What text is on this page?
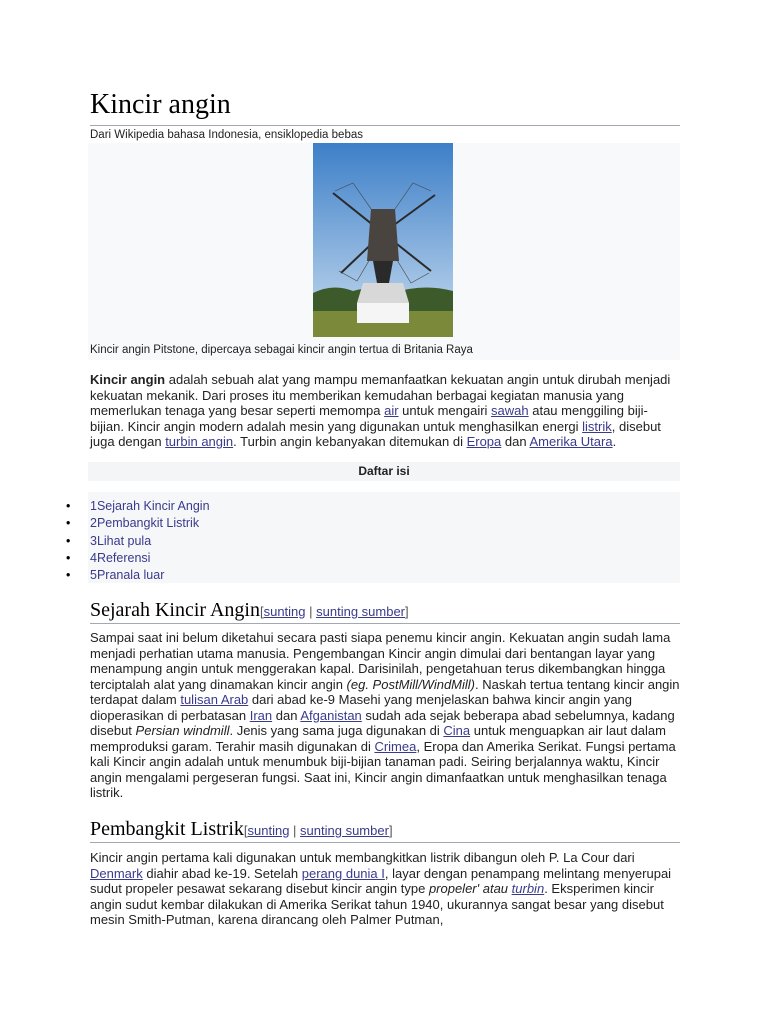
Kincir angin
Dari Wikipedia bahasa Indonesia, ensiklopedia bebas
Kincir angin Pitstone, dipercaya sebagai kincir angin tertua di Britania Raya
Kincir angin adalah sebuah alat yang mampu memanfaatkan kekuatan angin untuk dirubah menjadi kekuatan mekanik. Dari proses itu memberikan kemudahan berbagai kegiatan manusia yang memerlukan tenaga yang besar seperti memompa air untuk mengairi sawah atau menggiling biji-bijian. Kincir angin modern adalah mesin yang digunakan untuk menghasilkan energi listrik, disebut juga dengan turbin angin. Turbin angin kebanyakan ditemukan di Eropa dan Amerika Utara.
Daftar isi
• 1Sejarah Kincir Angin
• 2Pembangkit Listrik
• 3Lihat pula
• 4Referensi
• 5Pranala luar
Sejarah Kincir Angin[sunting | sunting sumber]
Sampai saat ini belum diketahui secara pasti siapa penemu kincir angin. Kekuatan angin sudah lama menjadi perhatian utama manusia. Pengembangan Kincir angin dimulai dari bentangan layar yang menampung angin untuk menggerakan kapal. Darisinilah, pengetahuan terus dikembangkan hingga terciptalah alat yang dinamakan kincir angin (eg. PostMill/WindMill). Naskah tertua tentang kincir angin terdapat dalam tulisan Arab dari abad ke-9 Masehi yang menjelaskan bahwa kincir angin yang dioperasikan di perbatasan Iran dan Afganistan sudah ada sejak beberapa abad sebelumnya, kadang disebut Persian windmill. Jenis yang sama juga digunakan di Cina untuk menguapkan air laut dalam memproduksi garam. Terahir masih digunakan di Crimea, Eropa dan Amerika Serikat. Fungsi pertama kali Kincir angin adalah untuk menumbuk biji-bijian tanaman padi. Seiring berjalannya waktu, Kincir angin mengalami pergeseran fungsi. Saat ini, Kincir angin dimanfaatkan untuk menghasilkan tenaga listrik.
Pembangkit Listrik[sunting | sunting sumber]
Kincir angin pertama kali digunakan untuk membangkitkan listrik dibangun oleh P. La Cour dari Denmark diahir abad ke-19. Setelah perang dunia I, layar dengan penampang melintang menyerupai sudut propeler pesawat sekarang disebut kincir angin type propeler' atau turbin. Eksperimen kincir angin sudut kembar dilakukan di Amerika Serikat tahun 1940, ukurannya sangat besar yang disebut mesin Smith-Putman, karena dirancang oleh Palmer Putman,
